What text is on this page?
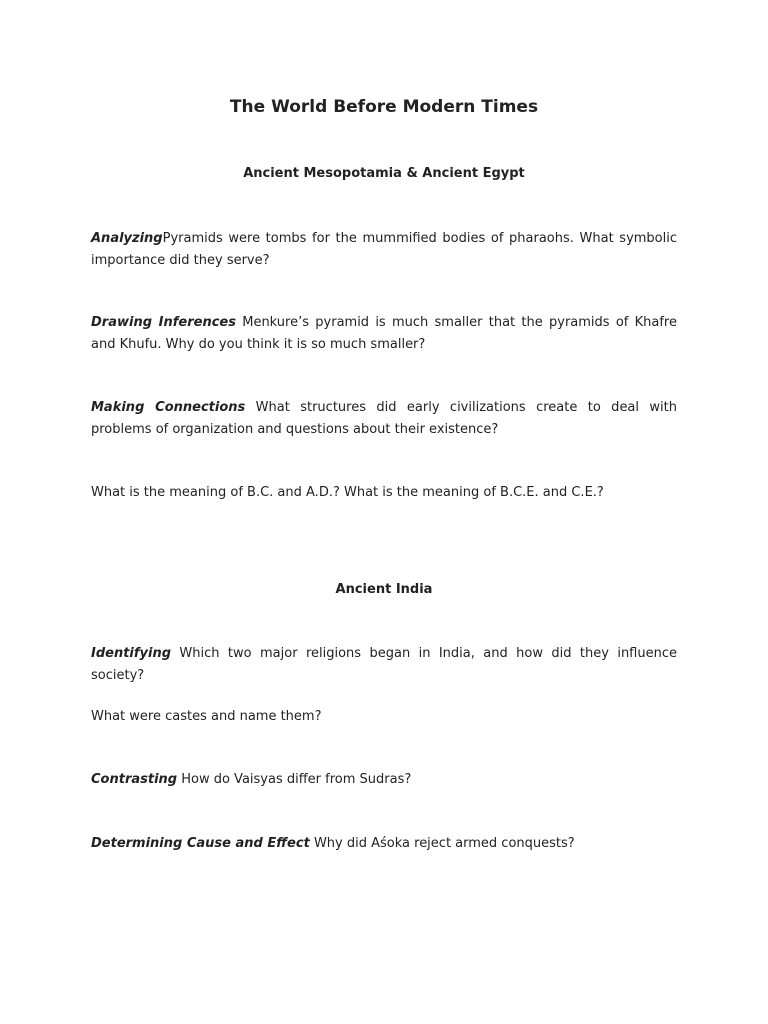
The World Before Modern Times
Ancient Mesopotamia & Ancient Egypt

AnalyzingPyramids were tombs for the mummified bodies of pharaohs. What symbolic importance did they serve?

Drawing Inferences Menkure’s pyramid is much smaller that the pyramids of Khafre and Khufu. Why do you think it is so much smaller?

Making Connections What structures did early civilizations create to deal with problems of organization and questions about their existence?

What is the meaning of B.C. and A.D.? What is the meaning of B.C.E. and C.E.?

Ancient India

Identifying Which two major religions began in India, and how did they influence society?

What were castes and name them?

Contrasting How do Vaisyas differ from Sudras?

Determining Cause and Effect Why did Aśoka reject armed conquests?
